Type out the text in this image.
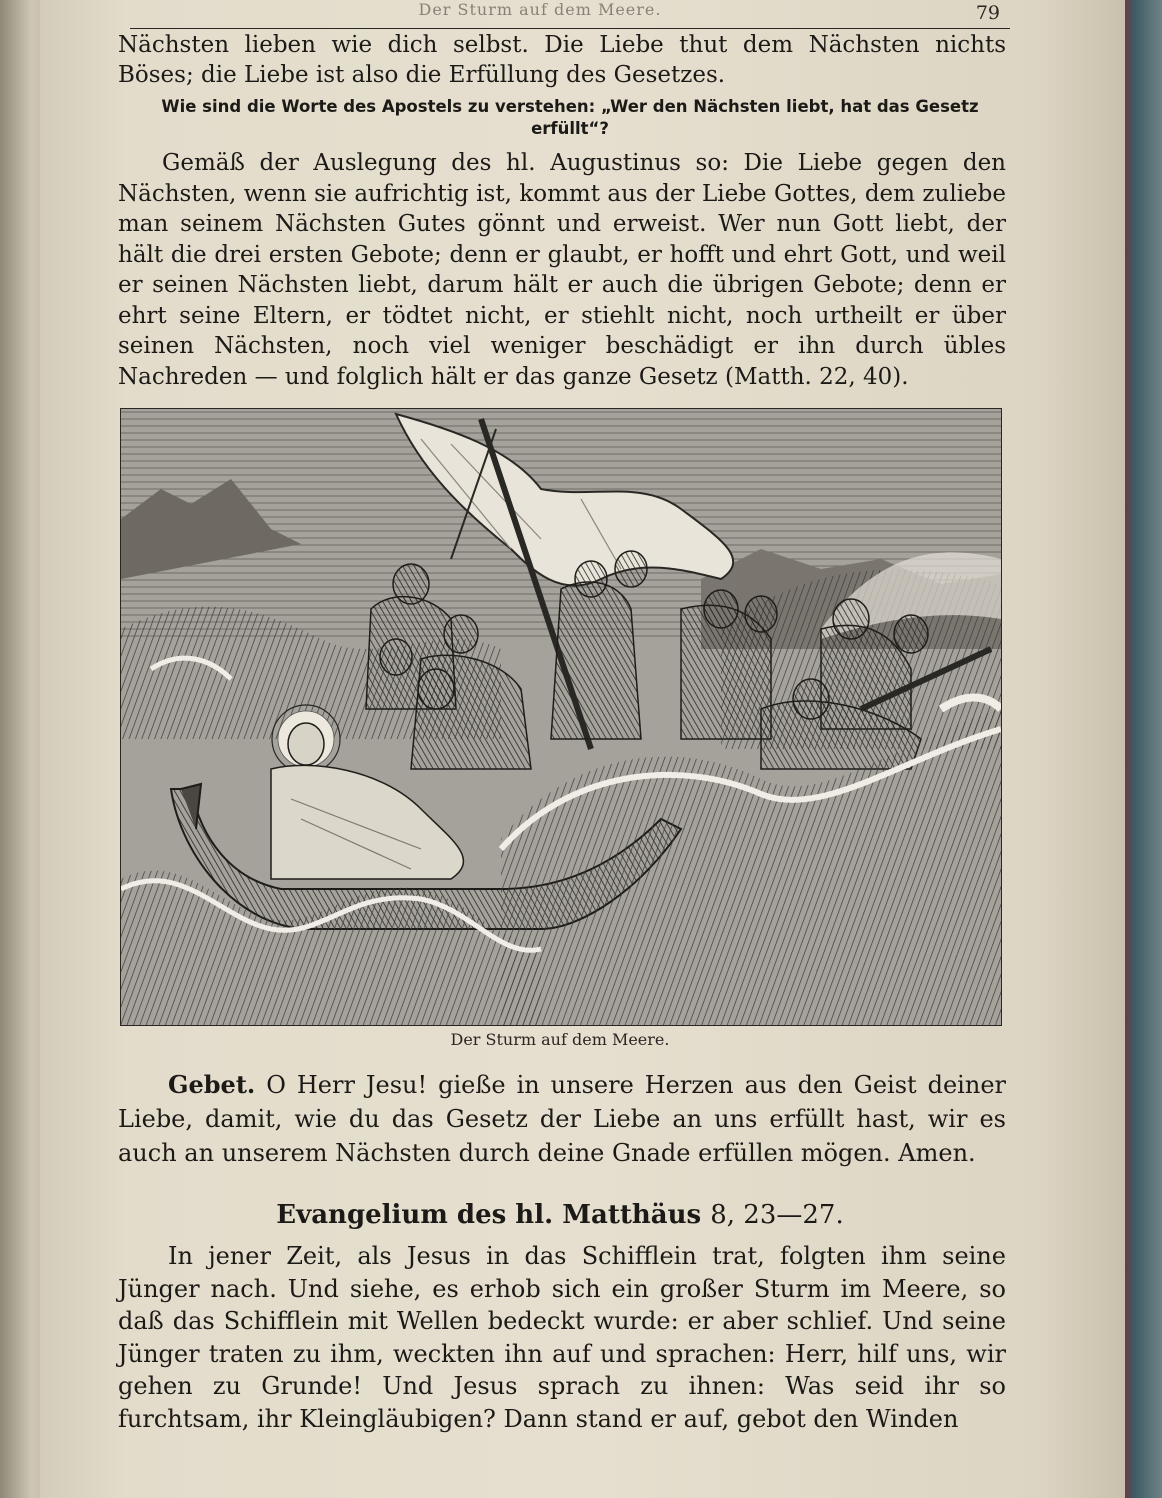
Der Sturm auf dem Meere.	79

Nächsten lieben wie dich selbst. Die Liebe thut dem Nächsten nichts Böses; die Liebe ist also die Erfüllung des Gesetzes.

Wie sind die Worte des Apostels zu verstehen: „Wer den Nächsten liebt, hat das Gesetz erfüllt“?

Gemäß der Auslegung des hl. Augustinus so: Die Liebe gegen den Nächsten, wenn sie aufrichtig ist, kommt aus der Liebe Gottes, dem zuliebe man seinem Nächsten Gutes gönnt und erweist. Wer nun Gott liebt, der hält die drei ersten Gebote; denn er glaubt, er hofft und ehrt Gott, und weil er seinen Nächsten liebt, darum hält er auch die übrigen Gebote; denn er ehrt seine Eltern, er tödtet nicht, er stiehlt nicht, noch urtheilt er über seinen Nächsten, noch viel weniger beschädigt er ihn durch übles Nachreden — und folglich hält er das ganze Gesetz (Matth. 22, 40).

Der Sturm auf dem Meere.

Gebet. O Herr Jesu! gieße in unsere Herzen aus den Geist deiner Liebe, damit, wie du das Gesetz der Liebe an uns erfüllt hast, wir es auch an unserem Nächsten durch deine Gnade erfüllen mögen. Amen.

Evangelium des hl. Matthäus 8, 23—27.

In jener Zeit, als Jesus in das Schifflein trat, folgten ihm seine Jünger nach. Und siehe, es erhob sich ein großer Sturm im Meere, so daß das Schifflein mit Wellen bedeckt wurde: er aber schlief. Und seine Jünger traten zu ihm, weckten ihn auf und sprachen: Herr, hilf uns, wir gehen zu Grunde! Und Jesus sprach zu ihnen: Was seid ihr so furchtsam, ihr Kleingläubigen? Dann stand er auf, gebot den Winden
